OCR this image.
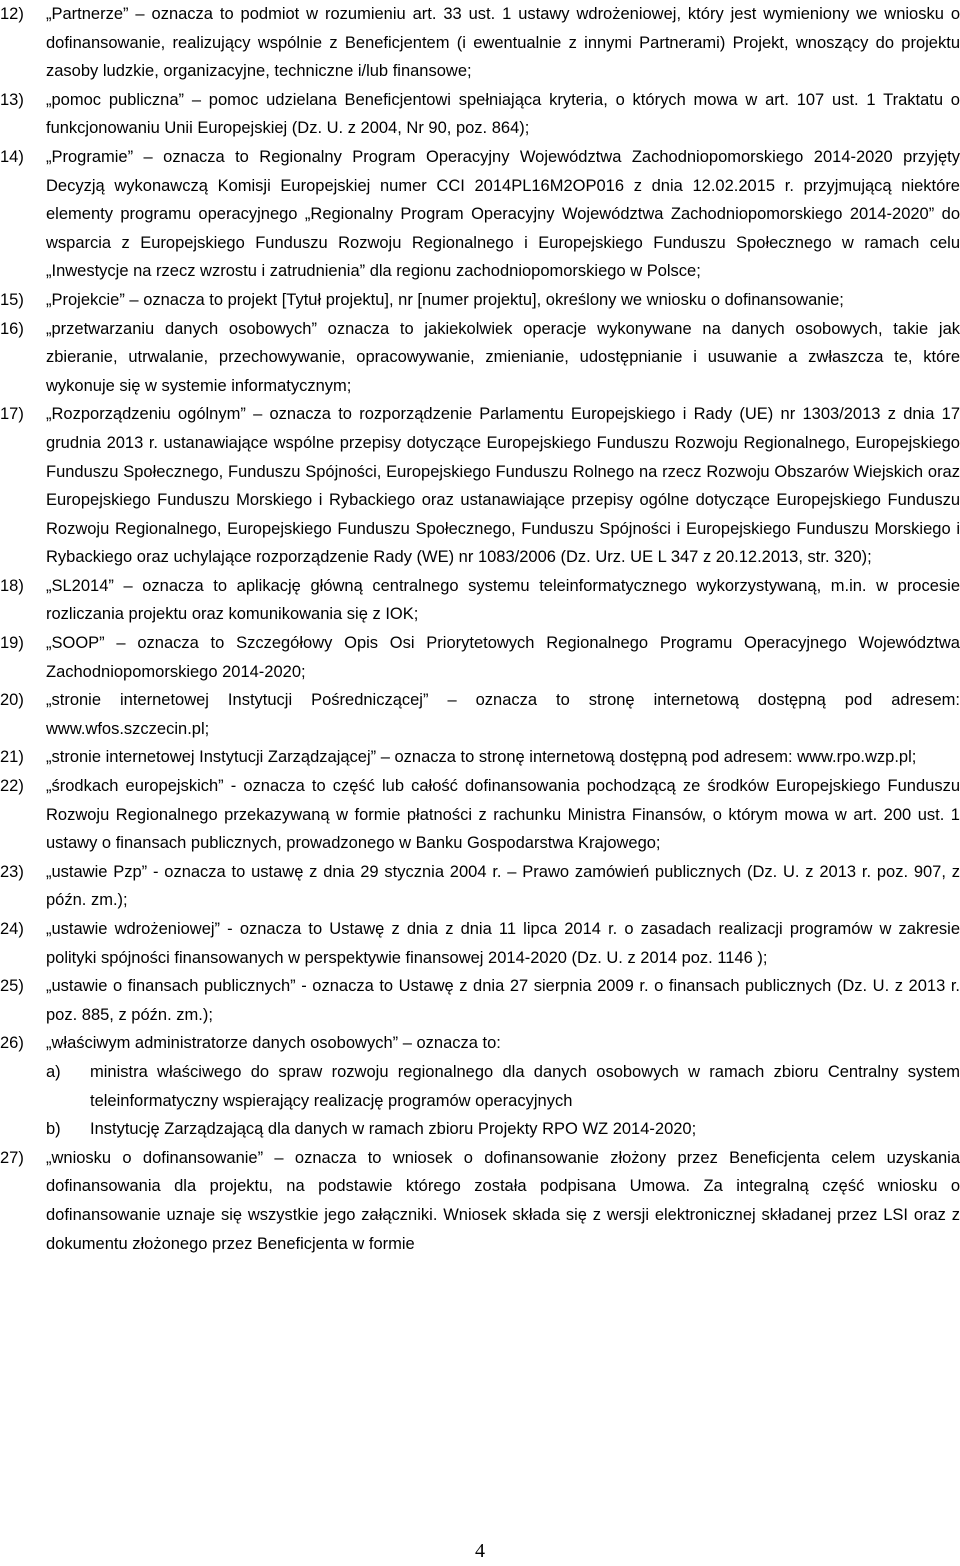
12)	„Partnerze” – oznacza to podmiot w rozumieniu art. 33 ust. 1 ustawy wdrożeniowej, który jest wymieniony we wniosku o dofinansowanie, realizujący wspólnie z Beneficjentem (i ewentualnie z innymi Partnerami) Projekt, wnoszący do projektu zasoby ludzkie, organizacyjne, techniczne i/lub finansowe;

13)	„pomoc publiczna” – pomoc udzielana Beneficjentowi spełniająca kryteria, o których mowa w art. 107 ust. 1 Traktatu o funkcjonowaniu Unii Europejskiej (Dz. U. z 2004, Nr 90, poz. 864);

14)	„Programie” – oznacza to Regionalny Program Operacyjny Województwa Zachodniopomorskiego 2014-2020 przyjęty Decyzją wykonawczą Komisji Europejskiej numer CCI 2014PL16M2OP016 z dnia 12.02.2015 r. przyjmującą niektóre elementy programu operacyjnego „Regionalny Program Operacyjny Województwa Zachodniopomorskiego 2014-2020” do wsparcia z Europejskiego Funduszu Rozwoju Regionalnego i Europejskiego Funduszu Społecznego w ramach celu „Inwestycje na rzecz wzrostu i zatrudnienia” dla regionu zachodniopomorskiego w Polsce;

15)	„Projekcie” – oznacza to projekt [Tytuł projektu], nr [numer projektu], określony we wniosku o dofinansowanie;

16)	„przetwarzaniu danych osobowych” oznacza to jakiekolwiek operacje wykonywane na danych osobowych, takie jak zbieranie, utrwalanie, przechowywanie, opracowywanie, zmienianie, udostępnianie i usuwanie a zwłaszcza te, które wykonuje się w systemie informatycznym;

17)	„Rozporządzeniu ogólnym” – oznacza to rozporządzenie Parlamentu Europejskiego i Rady (UE) nr 1303/2013 z dnia 17 grudnia 2013 r. ustanawiające wspólne przepisy dotyczące Europejskiego Funduszu Rozwoju Regionalnego, Europejskiego Funduszu Społecznego, Funduszu Spójności, Europejskiego Funduszu Rolnego na rzecz Rozwoju Obszarów Wiejskich oraz Europejskiego Funduszu Morskiego i Rybackiego oraz ustanawiające przepisy ogólne dotyczące Europejskiego Funduszu Rozwoju Regionalnego, Europejskiego Funduszu Społecznego, Funduszu Spójności i Europejskiego Funduszu Morskiego i Rybackiego oraz uchylające rozporządzenie Rady (WE) nr 1083/2006 (Dz. Urz. UE L 347 z 20.12.2013, str. 320);

18)	„SL2014” – oznacza to aplikację główną centralnego systemu teleinformatycznego wykorzystywaną, m.in. w procesie rozliczania projektu oraz komunikowania się z IOK;

19)	„SOOP” – oznacza to Szczegółowy Opis Osi Priorytetowych Regionalnego Programu Operacyjnego Województwa Zachodniopomorskiego 2014-2020;

20)	„stronie internetowej Instytucji Pośredniczącej” – oznacza to stronę internetową dostępną pod adresem: www.wfos.szczecin.pl;

21)	„stronie internetowej Instytucji Zarządzającej” – oznacza to stronę internetową dostępną pod adresem: www.rpo.wzp.pl;

22)	„środkach europejskich” - oznacza to część lub całość dofinansowania pochodzącą ze środków Europejskiego Funduszu Rozwoju Regionalnego przekazywaną w formie płatności z rachunku Ministra Finansów, o którym mowa w art. 200 ust. 1 ustawy o finansach publicznych, prowadzonego w Banku Gospodarstwa Krajowego;

23)	„ustawie Pzp” - oznacza to ustawę z dnia 29 stycznia 2004 r. – Prawo zamówień publicznych (Dz. U. z 2013 r. poz. 907, z późn. zm.);

24)	„ustawie wdrożeniowej” - oznacza to Ustawę z dnia z dnia 11 lipca 2014 r. o zasadach realizacji programów w zakresie polityki spójności finansowanych w perspektywie finansowej 2014-2020 (Dz. U. z 2014 poz. 1146 );

25)	„ustawie o finansach publicznych” - oznacza to Ustawę z dnia 27 sierpnia 2009 r. o finansach publicznych (Dz. U. z 2013 r. poz. 885, z późn. zm.);

26)	„właściwym administratorze danych osobowych” – oznacza to:
a)	ministra właściwego do spraw rozwoju regionalnego dla danych osobowych w ramach zbioru Centralny system teleinformatyczny wspierający realizację programów operacyjnych

b)	Instytucję Zarządzającą dla danych w ramach zbioru Projekty RPO WZ 2014-2020;

27)	„wniosku o dofinansowanie” – oznacza to wniosek o dofinansowanie złożony przez Beneficjenta celem uzyskania dofinansowania dla projektu, na podstawie którego została podpisana Umowa. Za integralną część wniosku o dofinansowanie uznaje się wszystkie jego załączniki. Wniosek składa się z wersji elektronicznej składanej przez LSI oraz z dokumentu złożonego przez Beneficjenta w formie

4
